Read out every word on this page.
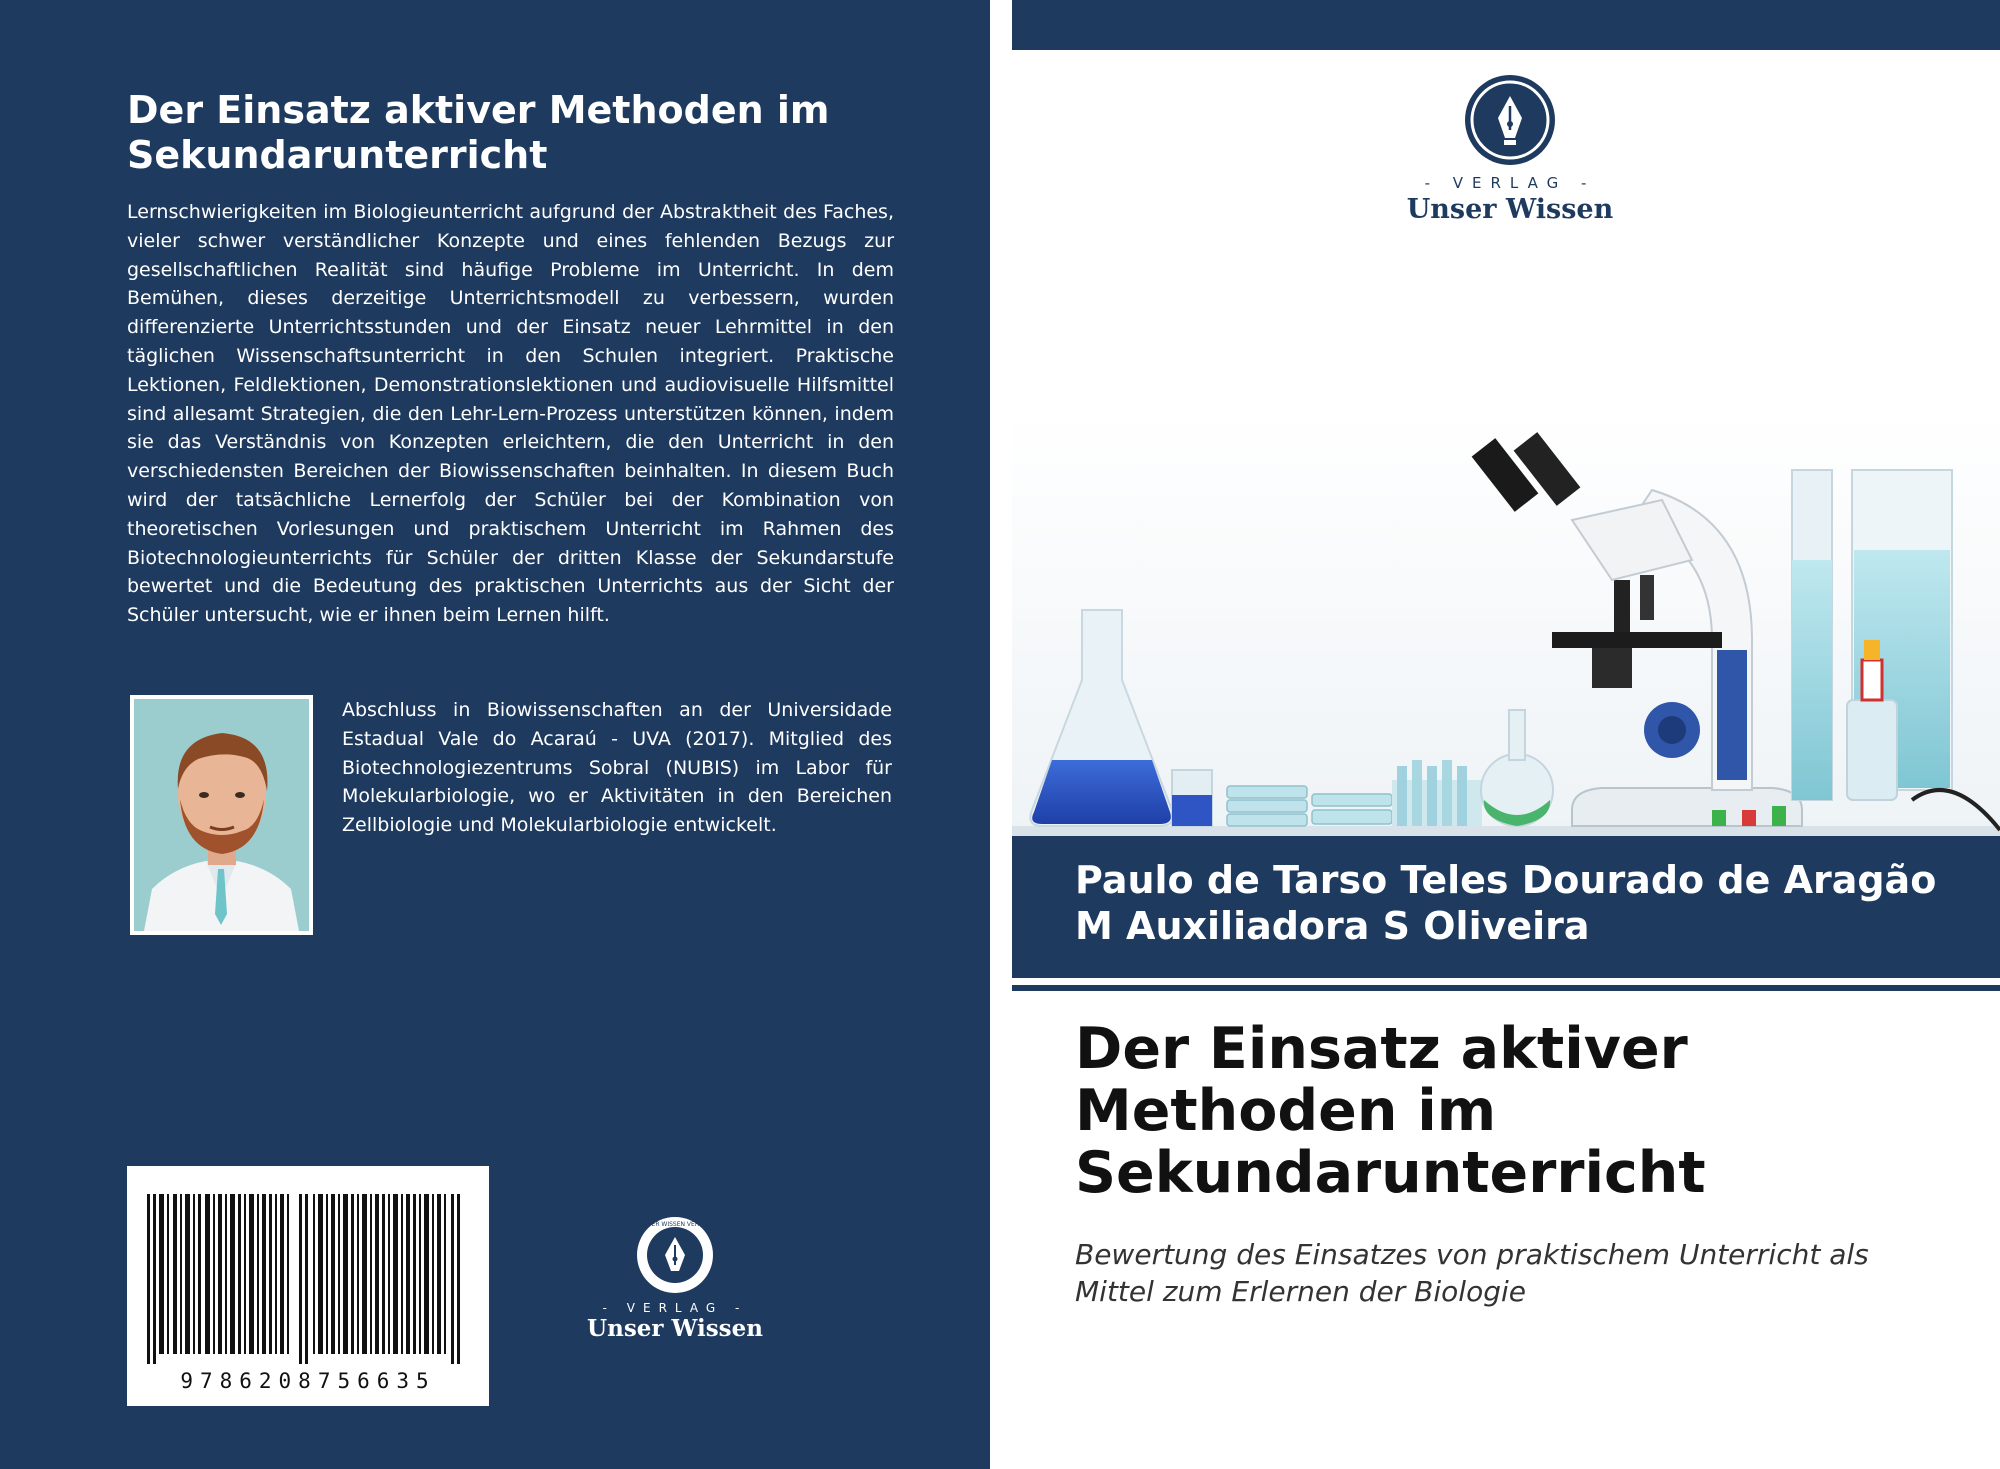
Der Einsatz aktiver Methoden im Sekundarunterricht

Lernschwierigkeiten im Biologieunterricht aufgrund der Abstraktheit des Faches, vieler schwer verständlicher Konzepte und eines fehlenden Bezugs zur gesellschaftlichen Realität sind häufige Probleme im Unterricht. In dem Bemühen, dieses derzeitige Unterrichtsmodell zu verbessern, wurden differenzierte Unterrichtsstunden und der Einsatz neuer Lehrmittel in den täglichen Wissenschaftsunterricht in den Schulen integriert. Praktische Lektionen, Feldlektionen, Demonstrationslektionen und audiovisuelle Hilfsmittel sind allesamt Strategien, die den Lehr-Lern-Prozess unterstützen können, indem sie das Verständnis von Konzepten erleichtern, die den Unterricht in den verschiedensten Bereichen der Biowissenschaften beinhalten. In diesem Buch wird der tatsächliche Lernerfolg der Schüler bei der Kombination von theoretischen Vorlesungen und praktischem Unterricht im Rahmen des Biotechnologieunterrichts für Schüler der dritten Klasse der Sekundarstufe bewertet und die Bedeutung des praktischen Unterrichts aus der Sicht der Schüler untersucht, wie er ihnen beim Lernen hilft.

Abschluss in Biowissenschaften an der Universidade Estadual Vale do Acaraú - UVA (2017). Mitglied des Biotechnologiezentrums Sobral (NUBIS) im Labor für Molekularbiologie, wo er Aktivitäten in den Bereichen Zellbiologie und Molekularbiologie entwickelt.

9786208756635
UNSER WISSEN VERLAG
- VERLAG -
Unser Wissen
- VERLAG -
Unser Wissen
Paulo de Tarso Teles Dourado de Aragão
M Auxiliadora S Oliveira
Der Einsatz aktiver Methoden im Sekundarunterricht

Bewertung des Einsatzes von praktischem Unterricht als Mittel zum Erlernen der Biologie
